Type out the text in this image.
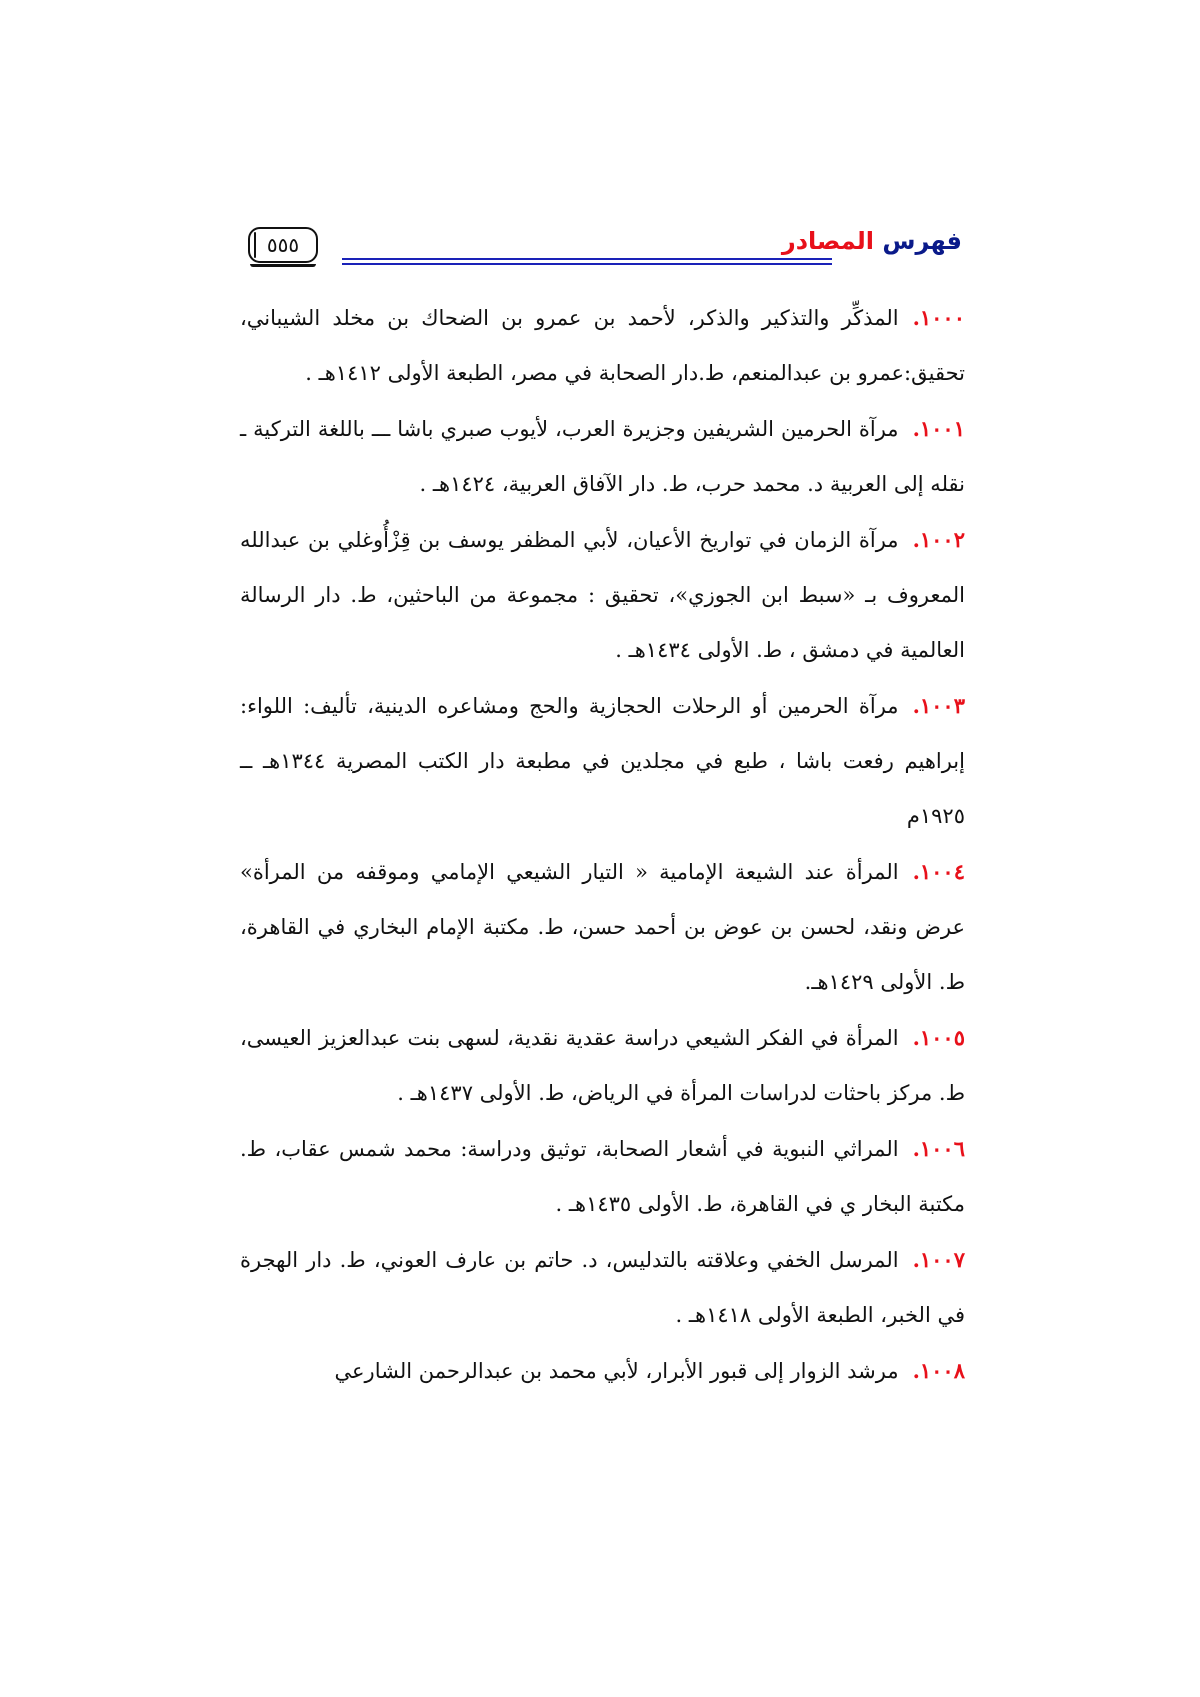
فهرس المصادر
٥٥٥

١٠٠٠.المذكِّر والتذكير والذكر، لأحمد بن عمرو بن الضحاك بن مخلد الشيباني، تحقيق:عمرو بن عبدالمنعم، ط.دار الصحابة في مصر، الطبعة الأولى ١٤١٢هـ .

١٠٠١.مرآة الحرمين الشريفين وجزيرة العرب، لأيوب صبري باشا ـــ باللغة التركية ـ نقله إلى العربية د. محمد حرب، ط. دار الآفاق العربية، ١٤٢٤هـ .

١٠٠٢.مرآة الزمان في تواريخ الأعيان، لأبي المظفر يوسف بن قِزْأُوغلي بن عبدالله المعروف بـ «سبط ابن الجوزي»، تحقيق : مجموعة من الباحثين، ط. دار الرسالة العالمية في دمشق ، ط. الأولى ١٤٣٤هـ .

١٠٠٣.مرآة الحرمين أو الرحلات الحجازية والحج ومشاعره الدينية، تأليف: اللواء: إبراهيم رفعت باشا ، طبع في مجلدين في مطبعة دار الكتب المصرية ١٣٤٤هـ ــ ١٩٢٥م

١٠٠٤.المرأة عند الشيعة الإمامية « التيار الشيعي الإمامي وموقفه من المرأة» عرض ونقد، لحسن بن عوض بن أحمد حسن، ط. مكتبة الإمام البخاري في القاهرة، ط. الأولى ١٤٢٩هـ.

١٠٠٥.المرأة في الفكر الشيعي دراسة عقدية نقدية، لسهى بنت عبدالعزيز العيسى، ط. مركز باحثات لدراسات المرأة في الرياض، ط. الأولى ١٤٣٧هـ .

١٠٠٦.المراثي النبوية في أشعار الصحابة، توثيق ودراسة: محمد شمس عقاب، ط. مكتبة البخار ي في القاهرة، ط. الأولى ١٤٣٥هـ .

١٠٠٧.المرسل الخفي وعلاقته بالتدليس، د. حاتم بن عارف العوني، ط. دار الهجرة في الخبر، الطبعة الأولى ١٤١٨هـ .

١٠٠٨.مرشد الزوار إلى قبور الأبرار، لأبي محمد بن عبدالرحمن الشارعي
